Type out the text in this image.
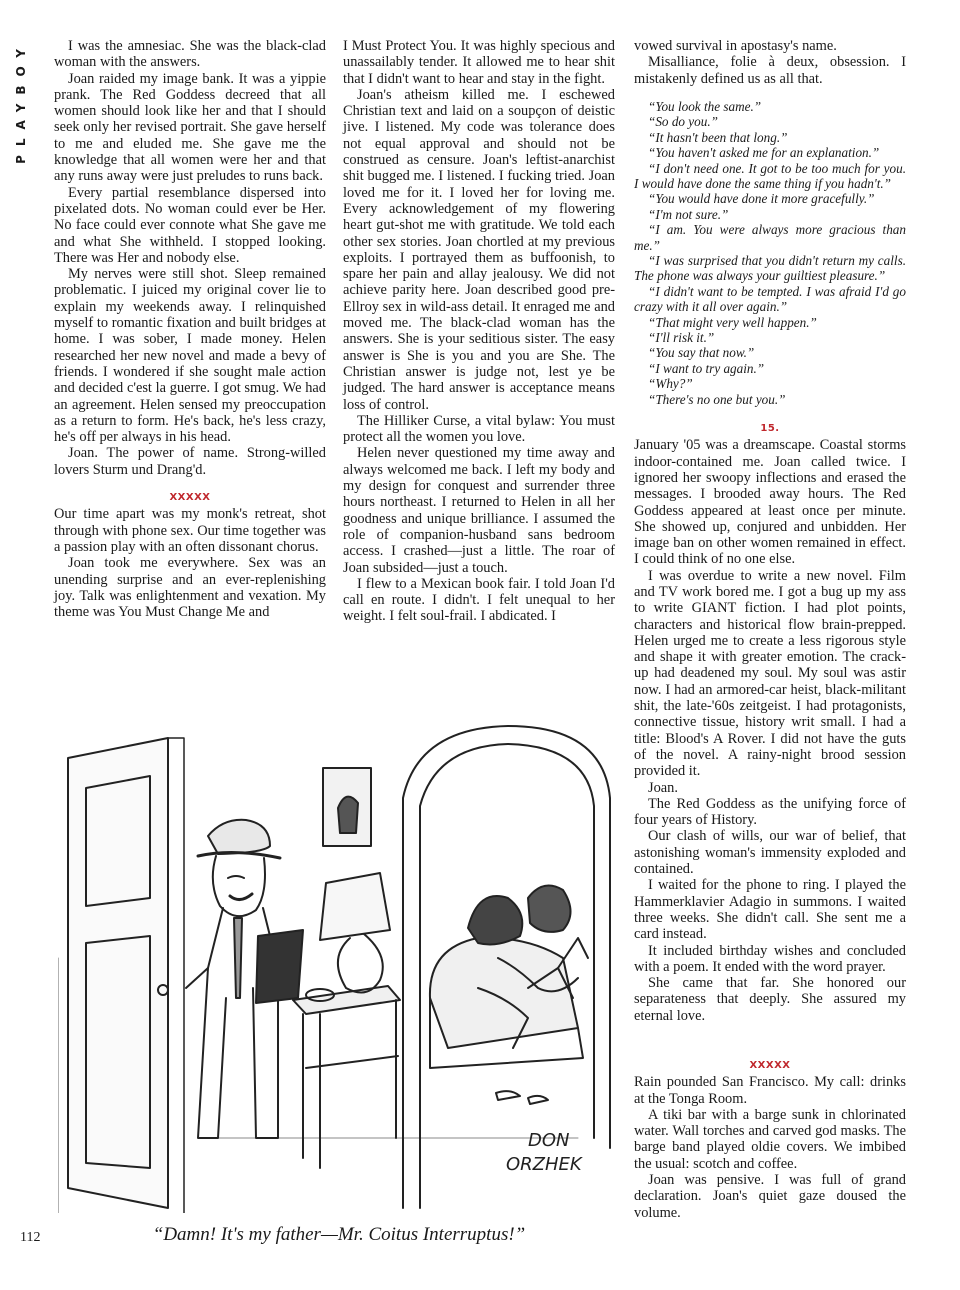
PLAYBOY	I was the amnesiac. She was the black-clad woman with the answers.

Joan raided my image bank. It was a yippie prank. The Red Goddess decreed that all women should look like her and that I should seek only her revised portrait. She gave herself to me and eluded me. She gave me the knowledge that all women were her and that any runs away were just preludes to runs back.

Every partial resemblance dispersed into pixelated dots. No woman could ever be Her. No face could ever connote what She gave me and what She withheld. I stopped looking. There was Her and nobody else.

My nerves were still shot. Sleep remained problematic. I juiced my original cover lie to explain my weekends away. I relinquished myself to romantic fixation and built bridges at home. I was sober, I made money. Helen researched her new novel and made a bevy of friends. I wondered if she sought male action and decided c'est la guerre. I got smug. We had an agreement. Helen sensed my preoccupation as a return to form. He's back, he's less crazy, he's off per always in his head.

Joan. The power of name. Strong-willed lovers Sturm und Drang'd.

XXXXX

Our time apart was my monk's retreat, shot through with phone sex. Our time together was a passion play with an often dissonant chorus.

Joan took me everywhere. Sex was an unending surprise and an ever-replenishing joy. Talk was enlightenment and vexation. My theme was You Must Change Me and

I Must Protect You. It was highly specious and unassailably tender. It allowed me to hear shit that I didn't want to hear and stay in the fight.

Joan's atheism killed me. I eschewed Christian text and laid on a soupçon of deistic jive. I listened. My code was tolerance does not equal approval and should not be construed as censure. Joan's leftist-anarchist shit bugged me. I listened. I fucking tried. Joan loved me for it. I loved her for loving me. Every acknowledgement of my flowering heart gut-shot me with gratitude. We told each other sex stories. Joan chortled at my previous exploits. I portrayed them as buffoonish, to spare her pain and allay jealousy. We did not achieve parity here. Joan described good pre-Ellroy sex in wild-ass detail. It enraged me and moved me. The black-clad woman has the answers. She is your seditious sister. The easy answer is She is you and you are She. The Christian answer is judge not, lest ye be judged. The hard answer is acceptance means loss of control.

The Hilliker Curse, a vital bylaw: You must protect all the women you love.

Helen never questioned my time away and always welcomed me back. I left my body and my design for conquest and surrender three hours northeast. I returned to Helen in all her goodness and unique brilliance. I assumed the role of companion-husband sans bedroom access. I crashed—just a little. The roar of Joan subsided—just a touch.

I flew to a Mexican book fair. I told Joan I'd call en route. I didn't. I felt unequal to her weight. I felt soul-frail. I abdicated. I

vowed survival in apostasy's name.

Misalliance, folie à deux, obsession. I mistakenly defined us as all that.

“You look the same.”

“So do you.”

“It hasn't been that long.”

“You haven't asked me for an explanation.”

“I don't need one. It got to be too much for you. I would have done the same thing if you hadn't.”

“You would have done it more gracefully.”

“I'm not sure.”

“I am. You were always more gracious than me.”

“I was surprised that you didn't return my calls. The phone was always your guiltiest pleasure.”

“I didn't want to be tempted. I was afraid I'd go crazy with it all over again.”

“That might very well happen.”

“I'll risk it.”

“You say that now.”

“I want to try again.”

“Why?”

“There's no one but you.”

15.

January '05 was a dreamscape. Coastal storms indoor-contained me. Joan called twice. I ignored her swoopy inflections and erased the messages. I brooded away hours. The Red Goddess appeared at least once per minute. She showed up, conjured and unbidden. Her image ban on other women remained in effect. I could think of no one else.

I was overdue to write a new novel. Film and TV work bored me. I got a bug up my ass to write GIANT fiction. I had plot points, characters and historical flow brain-prepped. Helen urged me to create a less rigorous style and shape it with greater emotion. The crack-up had deadened my soul. My soul was astir now. I had an armored-car heist, black-militant shit, the late-'60s zeitgeist. I had protagonists, connective tissue, history writ small. I had a title: Blood's A Rover. I did not have the guts of the novel. A rainy-night brood session provided it.

Joan.

The Red Goddess as the unifying force of four years of History.

Our clash of wills, our war of belief, that astonishing woman's immensity exploded and contained.

I waited for the phone to ring. I played the Hammerklavier Adagio in summons. I waited three weeks. She didn't call. She sent me a card instead.

It included birthday wishes and concluded with a poem. It ended with the word prayer.

She came that far. She honored our separateness that deeply. She assured my eternal love.

XXXXX

Rain pounded San Francisco. My call: drinks at the Tonga Room.

A tiki bar with a barge sunk in chlorinated water. Wall torches and carved god masks. The barge band played oldie covers. We imbibed the usual: scotch and coffee.

Joan was pensive. I was full of grand declaration. Joan's quiet gaze doused the volume.

DON
ORZHEK
“Damn! It's my father—Mr. Coitus Interruptus!”
112
